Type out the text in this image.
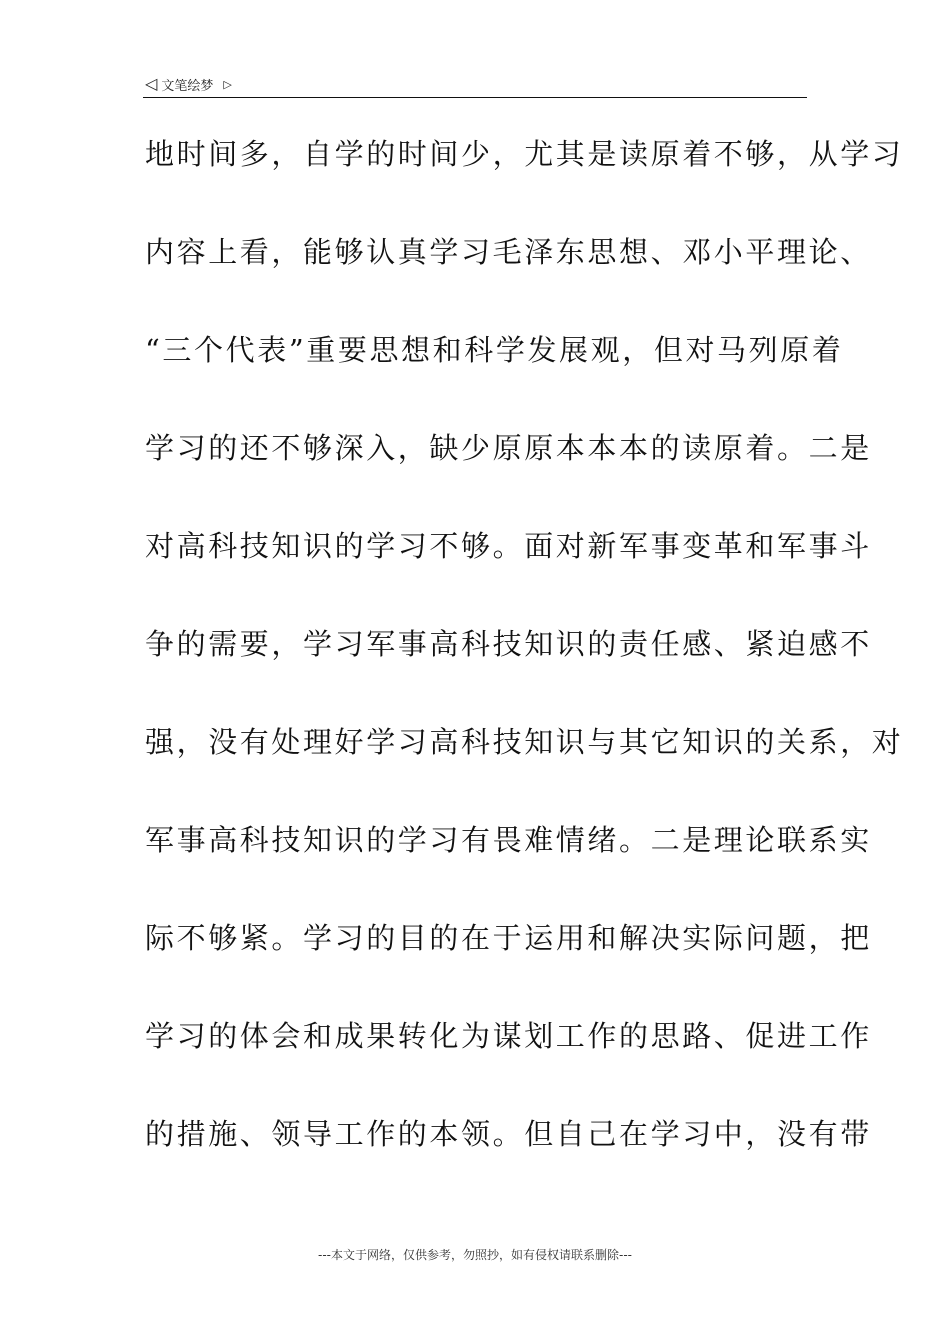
◁ 文笔绘梦 ▷
地时间多，自学的时间少，尤其是读原着不够，从学习
内容上看，能够认真学习毛泽东思想、邓小平理论、
“三个代表”重要思想和科学发展观，但对马列原着
学习的还不够深入，缺少原原本本本的读原着。二是
对高科技知识的学习不够。面对新军事变革和军事斗
争的需要，学习军事高科技知识的责任感、紧迫感不
强，没有处理好学习高科技知识与其它知识的关系，对
军事高科技知识的学习有畏难情绪。二是理论联系实
际不够紧。学习的目的在于运用和解决实际问题，把
学习的体会和成果转化为谋划工作的思路、促进工作
的措施、领导工作的本领。但自己在学习中，没有带
---本文于网络，仅供参考，勿照抄，如有侵权请联系删除---
